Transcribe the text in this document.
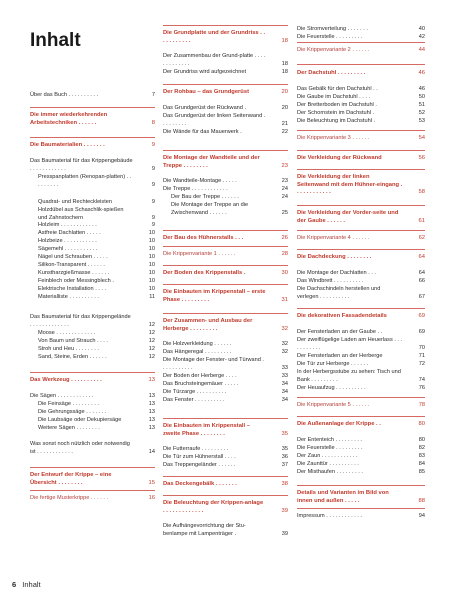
Inhalt
Über das Buch . . . . . . . . . .	7
Die immer wiederkehrenden Arbeitstechniken . . . . . .	8
Die Baumaterialien . . . . . . .	9
Das Baumaterial für das Krippengebäude . . . . . . . . . . . .	9
Presspanplatten (Renopan-platten) . . . . . . . . .	9
Quadrat- und Rechteckleisten	9
Holzdübel aus Schaschlik-spießen und Zahnstochern	9
Holzleim . . . . . . . . . . . .	9
Astfreie Dachlatten . . . . .	10
Holzbeize . . . . . . . . . . .	10
Sägemehl . . . . . . . . . . .	10
Nägel und Schrauben . . . . .	10
Silikon-Transparent . . . . . .	10
Kunstharzgießmasse . . . . . .	10
Feinblech oder Messingblech .	10
Elektrische Installation . . . .	10
Materialliste . . . . . . . . . .	11
Das Baumaterial für das Krippengelände . . . . . . . . . . . . .	12
Moose . . . . . . . . . . . . .	12
Von Baum und Strauch . . . .	12
Stroh und Heu . . . . . . . .	12
Sand, Steine, Erden . . . . . .	12
Das Werkzeug . . . . . . . . . .	13
Die Sägen . . . . . . . . . . . .	13
Die Feinsäge . . . . . . . . .	13
Die Gehrungssäge . . . . . . .	13
Die Laubsäge oder Dekupiersäge	13
Weitere Sägen . . . . . . . .	13
Was sonst noch nützlich oder notwendig ist . . . . . . . . . . . .	14
Der Entwurf der Krippe – eine Übersicht . . . . . . . .	15
Die fertige Musterkrippe . . . . . .	16
Die Grundplatte und der Grundriss . . . . . . . . . . .	18
Der Zusammenbau der Grund-platte . . . . . . . . . . . . .	18
Der Grundriss wird aufgezeichnet	18
Der Rohbau – das Grundgerüst	20
Das Grundgerüst der Rückwand .	20
Das Grundgerüst der linken Seitenwand . . . . . . . . .	21
Die Wände für das Mauerwerk .	22
Die Montage der Wandteile und der Treppe . . . . . . . .	23
Die Wandteile-Montage . . . . .	23
Die Treppe . . . . . . . . . . . .	24
Der Bau der Treppe . . . . . .	24
Die Montage der Treppe an die Zwischenwand . . . . . .	25
Der Bau des Hühnerstalls . . .	26
Die Krippenvariante 1 . . . . . .	28
Der Boden des Krippenstalls .	30
Die Einbauten im Krippenstall – erste Phase . . . . . . . . .	31
Der Zusammen- und Ausbau der Herberge . . . . . . . . .	32
Die Holzverkleidung . . . . . .	32
Das Hängeregal . . . . . . . . .	32
Die Montage der Fenster- und Türwand . . . . . . . . . . .	33
Der Boden der Herberge . . . .	33
Das Bruchsteingemäuer . . . . .	34
Die Türzarge . . . . . . . . . .	34
Das Fenster . . . . . . . . . .	34
Die Einbauten im Krippenstall – zweite Phase . . . . . . . .	35
Die Futterraufe . . . . . . . . .	35
Die Tür zum Hühnerstall . . . .	36
Das Treppengeländer . . . . . .	37
Das Deckengebälk . . . . . . .	38
Die Beleuchtung der Krippen-anlage . . . . . . . . . . . . .	39
Die Aufhängevorrichtung der Stu-benlampe mit Lampenträger .	39
Die Stromverteilung . . . . . . .	40
Die Feuerstelle . . . . . . . . .	42
Die Krippenvariante 2 . . . . . .	44
Der Dachstuhl . . . . . . . . .	46
Das Gebälk für den Dachstuhl . .	46
Die Gaube im Dachstuhl . . . .	50
Der Bretterboden im Dachstuhl .	51
Der Schornstein im Dachstuhl .	52
Die Beleuchtung im Dachstuhl .	53
Die Krippenvariante 3 . . . . . .	54
Die Verkleidung der Rückwand	56
Die Verkleidung der linken Seitenwand mit dem Hühner-eingang . . . . . . . . . . . .	58
Die Verkleidung der Vorder-seite und der Gaube . . . . . .	61
Die Krippenvariante 4 . . . . . .	62
Die Dachdeckung . . . . . . . .	64
Die Montage der Dachlatten . . .	64
Das Windbrett . . . . . . . . . .	66
Die Dachschindeln herstellen und verlegen . . . . . . . . . .	67
Die dekorativen Fassadendetails	69
Der Fensterladen an der Gaube . .	69
Der zweiflügelige Laden am Heuerlass . . . . . . . . . . .	70
Der Fensterladen an der Herberge	71
Die Tür zur Herberge . . . . . .	72
In der Herbergsstube zu sehen: Tisch und Bank . . . . . . . . .	74
Der Heuaufzug . . . . . . . . . .	76
Die Krippenvariante 5 . . . . . .	78
Die Außenanlage der Krippe . .	80
Der Ententeich . . . . . . . . .	80
Die Feuerstelle . . . . . . . . .	82
Der Zaun . . . . . . . . . . . .	83
Die Zaunttür . . . . . . . . . .	84
Der Misthaufen . . . . . . . . .	85
Details und Varianten im Bild von innen und außen . . . . .	88
Impressum . . . . . . . . . . . .	94
6 Inhalt
